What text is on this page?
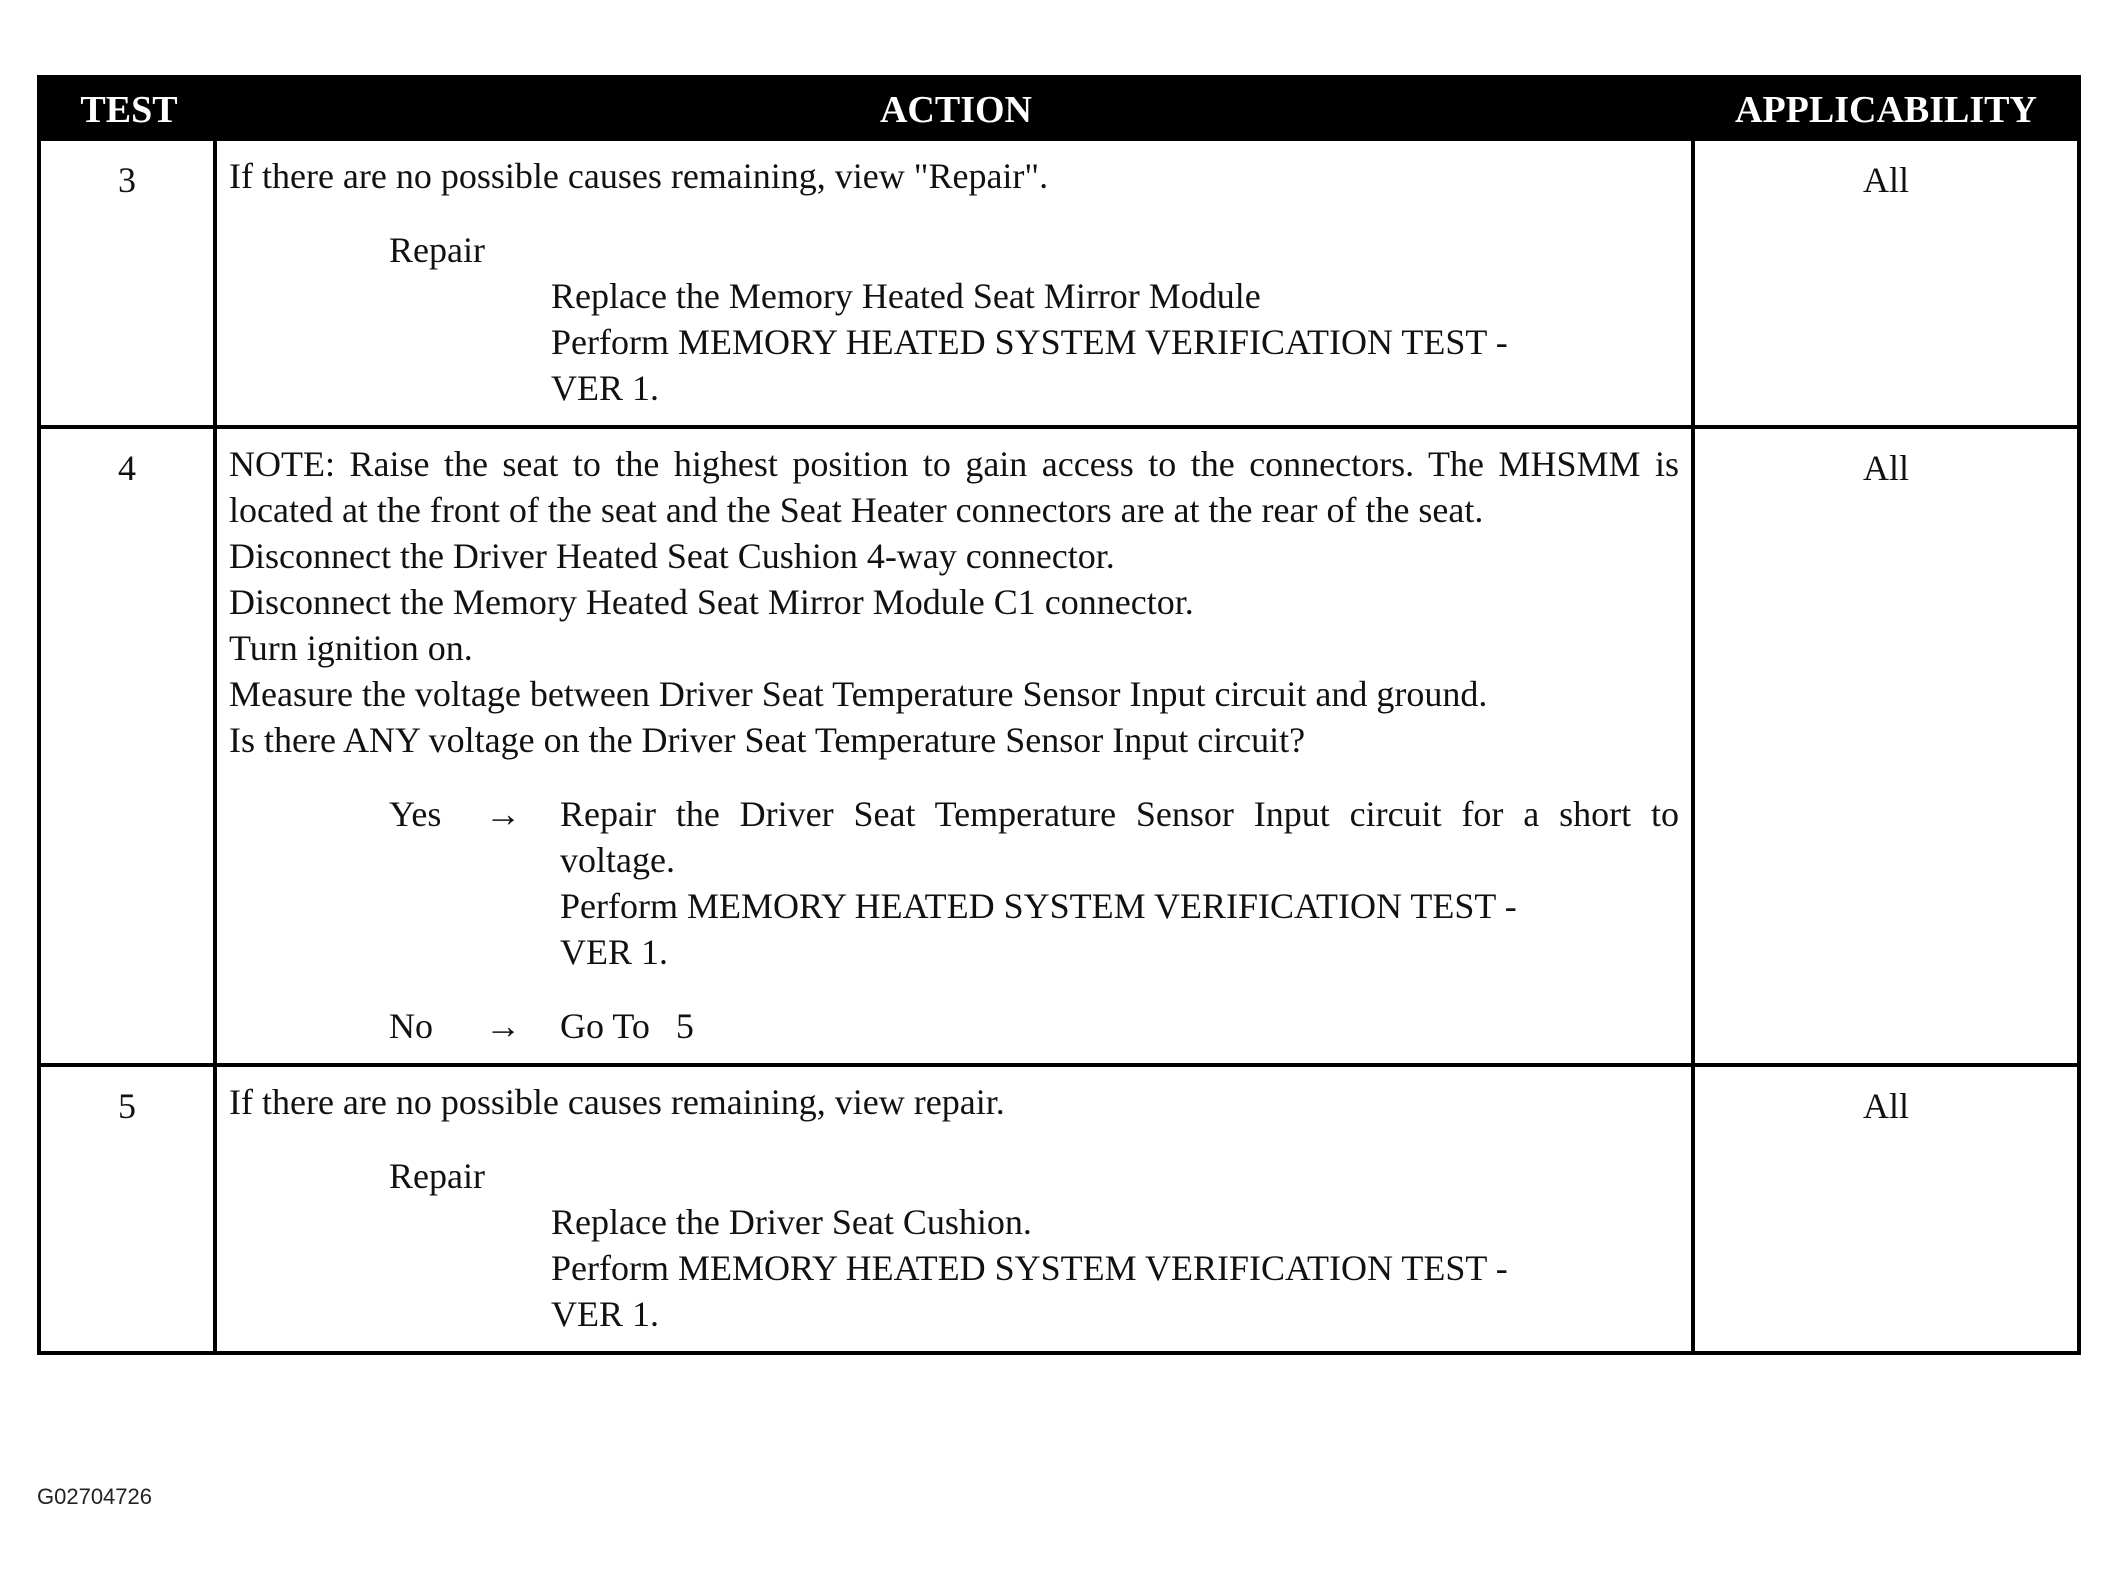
TEST	ACTION	APPLICABILITY
3	If there are no possible causes remaining, view "Repair".
Repair
Replace the Memory Heated Seat Mirror Module
Perform MEMORY HEATED SYSTEM VERIFICATION TEST -
VER 1.
All
4	NOTE: Raise the seat to the highest position to gain access to the connectors. The MHSMM is located at the front of the seat and the Seat Heater connectors are at the rear of the seat.
Disconnect the Driver Heated Seat Cushion 4-way connector.
Disconnect the Memory Heated Seat Mirror Module C1 connector.
Turn ignition on.
Measure the voltage between Driver Seat Temperature Sensor Input circuit and ground.
Is there ANY voltage on the Driver Seat Temperature Sensor Input circuit?
Yes	→	Repair the Driver Seat Temperature Sensor Input circuit for a short to voltage.
Perform MEMORY HEATED SYSTEM VERIFICATION TEST -
VER 1.
No	→	Go To 5
All
5	If there are no possible causes remaining, view repair.
Repair
Replace the Driver Seat Cushion.
Perform MEMORY HEATED SYSTEM VERIFICATION TEST -
VER 1.
All
G02704726
